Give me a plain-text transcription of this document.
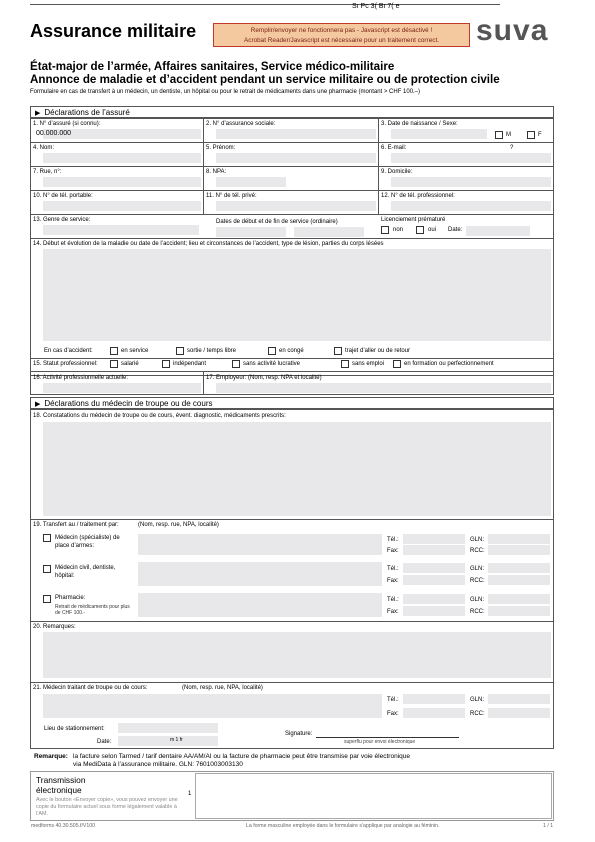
Sı Pc 3( Bı 7( e
Assurance militaire	Remplir/envoyer ne fonctionnera pas - Javascript est désactivé !
Acrobat Reader/Javascript est nécessaire pour un traitement correct.	suva
État-major de l’armée, Affaires sanitaires, Service médico-militaire
Annonce de maladie et d’accident pendant un service militaire ou de protection civile
Formulaire en cas de transfert à un médecin, un dentiste, un hôpital ou pour le retrait de médicaments dans une pharmacie (montant > CHF 100.–)
▶ Déclarations de l’assuré
1. N° d’assuré (si connu):
00.000.000
2. N° d’assurance sociale:	3. Date de naissance / Sexe:
M	F
4. Nom:	5. Prénom:	6. E-mail:	?
7. Rue, n°:	8. NPA:	9. Domicile:
10. N° de tél. portable:	11. N° de tél. privé:	12. N° de tél. professionnel:
13. Genre de service:	Dates de début et de fin de service (ordinaire)	Licenciement prématuré
non	oui Date:
14. Début et évolution de la maladie ou date de l’accident; lieu et circonstances de l’accident, type de lésion, parties du corps lésées
En cas d’accident:	en service	sortie / temps libre	en congé	trajet d’aller ou de retour
15. Statut professionnel:	salarié	indépendant	sans activité lucrative	sans emploi	en formation ou perfectionnement
16. Activité professionnelle actuelle:	17. Employeur: (Nom, resp. NPA et localité)
▶ Déclarations du médecin de troupe ou de cours
18. Constatations du médecin de troupe ou de cours, évent. diagnostic, médicaments prescrits:
19. Transfert au / traitement par:	(Nom, resp. rue, NPA, localité)
Médecin (spécialiste) de place d’armes:
Tél.:
Fax:
GLN:
RCC:
Médecin civil, dentiste, hôpital:
Tél.:
Fax:
GLN:
RCC:
Pharmacie:
Retrait de médicaments pour plus de CHF 100.-
Tél.:
Fax:
GLN:
RCC:
20. Remarques:
21. Médecin traitant de troupe ou de cours:	(Nom, resp. rue, NPA, localité)
Tél.:
Fax:
GLN:
RCC:
Lieu de stationnement:
Date:	m 1 fr
Signature:
superflu pour envoi électronique
Remarque: la facture selon Tarmed / tarif dentaire AA/AM/AI ou la facture de pharmacie peut être transmise par voie électronique
via MediData à l’assurance militaire. GLN: 7601003003130
Transmission électronique
Avec le bouton «Envoyer copie», vous pouvez envoyer une copie du formulaire actuel sous forme légalement valable à l’AM.
1
medforms 40.30.505.f/V100	La forme masculine employée dans le formulaire s’applique par analogie au féminin.	1 / 1
